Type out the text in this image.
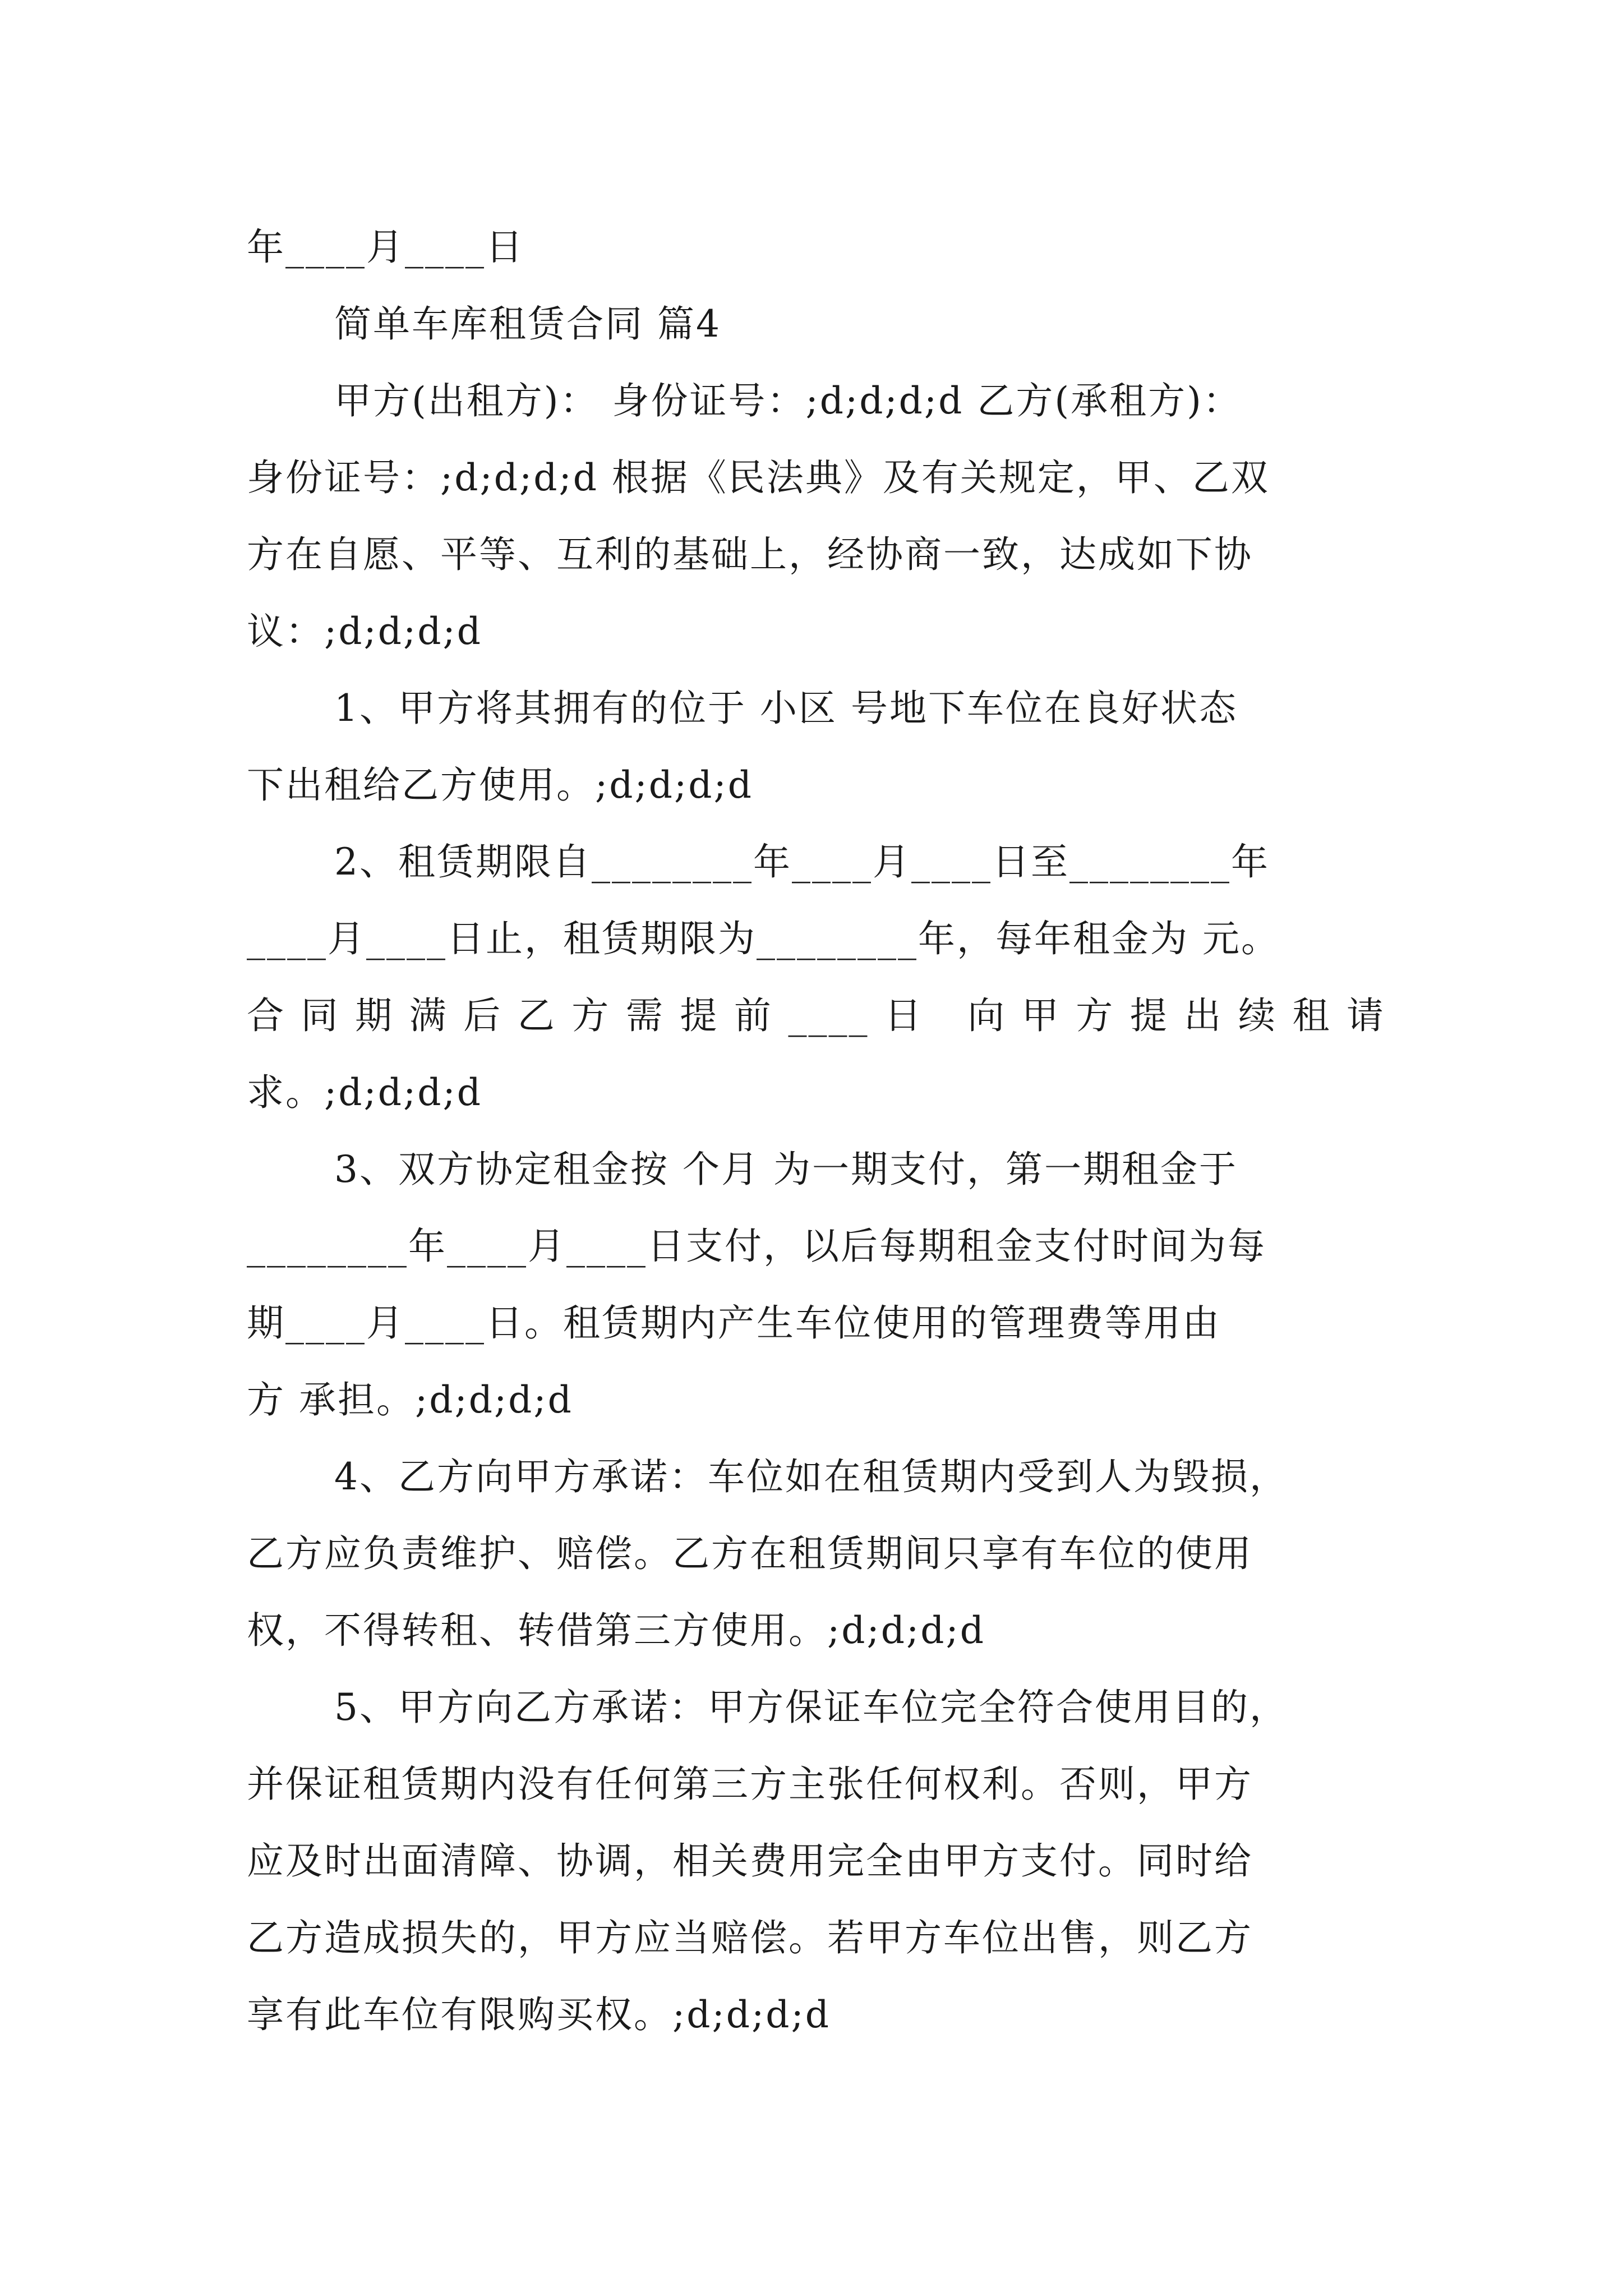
年____月____日
简单车库租赁合同 篇4
甲方(出租方)： 身份证号：;d;d;d;d 乙方(承租方)：
身份证号：;d;d;d;d 根据《民法典》及有关规定，甲、乙双
方在自愿、平等、互利的基础上，经协商一致，达成如下协
议：;d;d;d;d
1、甲方将其拥有的位于 小区 号地下车位在良好状态
下出租给乙方使用。;d;d;d;d
2、租赁期限自________年____月____日至________年
____月____日止，租赁期限为________年，每年租金为 元。
合同期满后乙方需提前____日 向甲方提出续租请
求。;d;d;d;d
3、双方协定租金按 个月 为一期支付，第一期租金于
________年____月____日支付，以后每期租金支付时间为每
期____月____日。租赁期内产生车位使用的管理费等用由
方 承担。;d;d;d;d
4、乙方向甲方承诺：车位如在租赁期内受到人为毁损，
乙方应负责维护、赔偿。乙方在租赁期间只享有车位的使用
权，不得转租、转借第三方使用。;d;d;d;d
5、甲方向乙方承诺：甲方保证车位完全符合使用目的，
并保证租赁期内没有任何第三方主张任何权利。否则，甲方
应及时出面清障、协调，相关费用完全由甲方支付。同时给
乙方造成损失的，甲方应当赔偿。若甲方车位出售，则乙方
享有此车位有限购买权。;d;d;d;d
